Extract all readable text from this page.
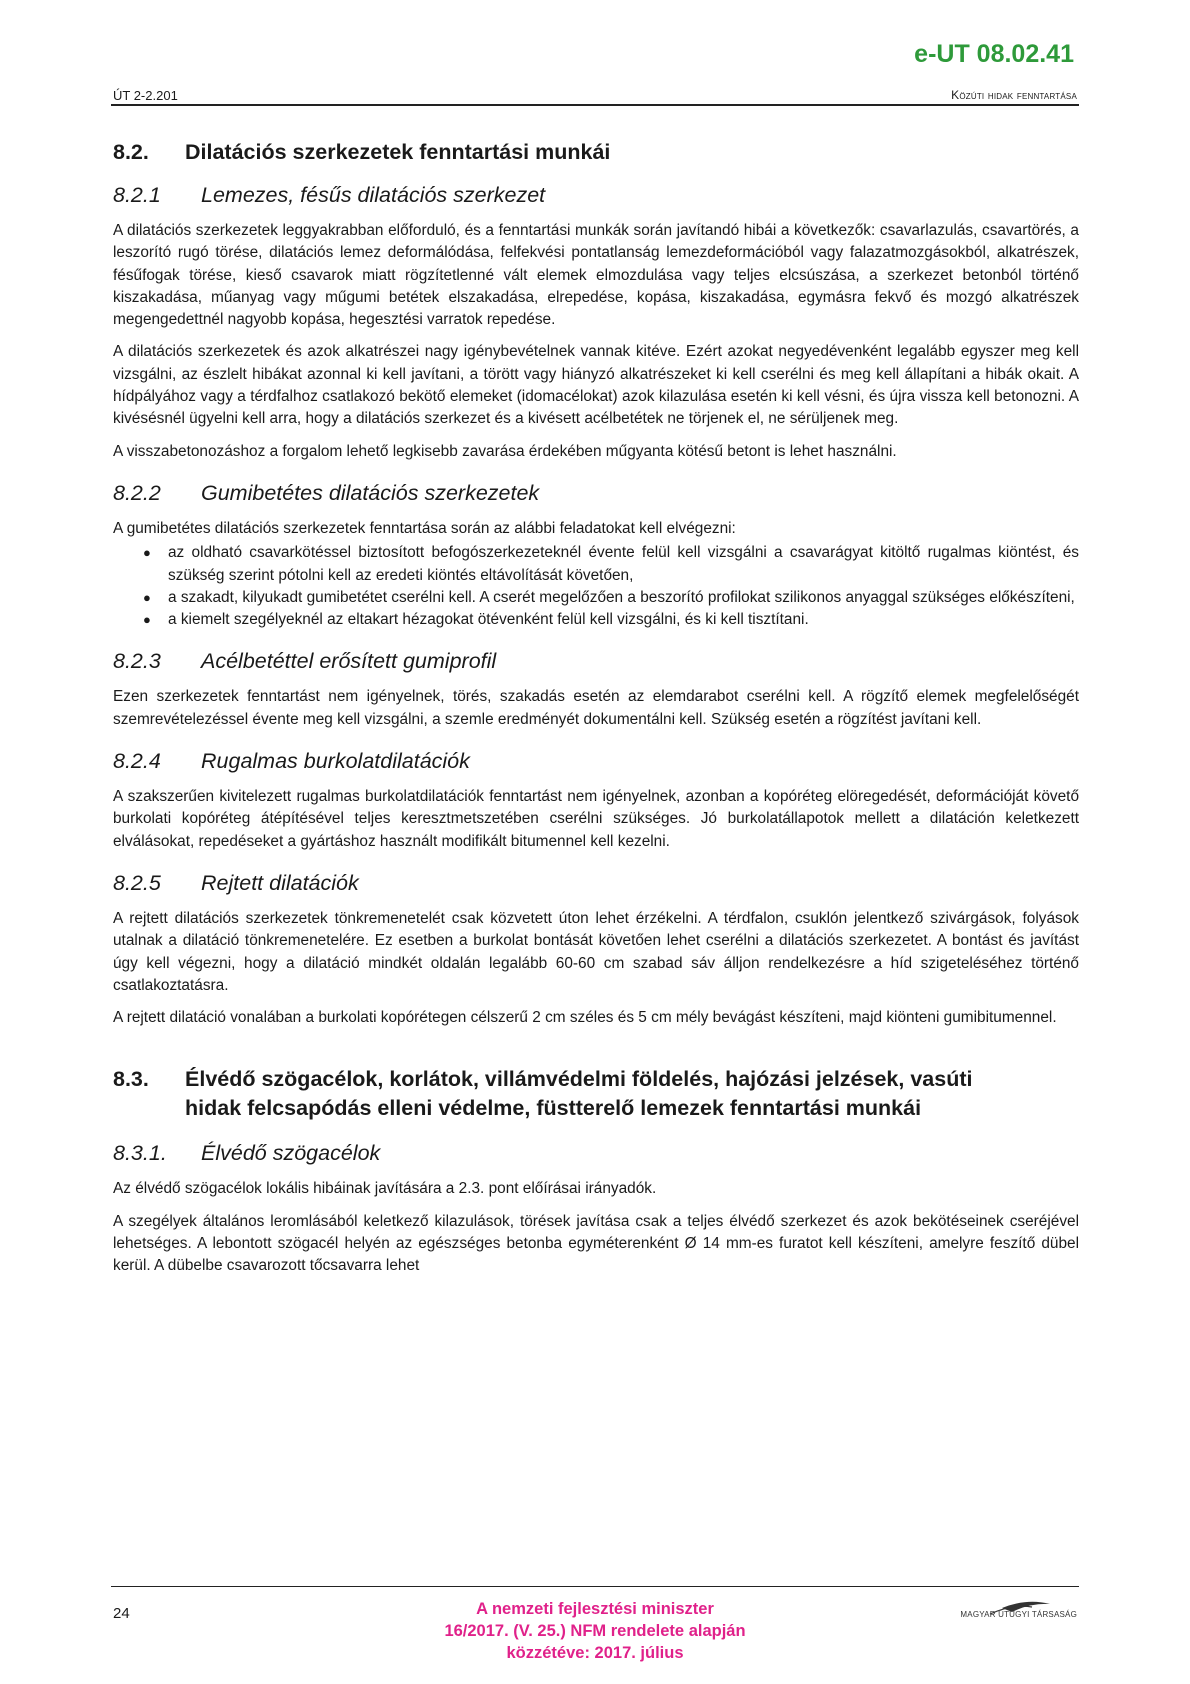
e-UT 08.02.41
ÚT 2-2.201	Közúti hidak fenntartása
8.2.	Dilatációs szerkezetek fenntartási munkái
8.2.1	Lemezes, fésűs dilatációs szerkezet

A dilatációs szerkezetek leggyakrabban előforduló, és a fenntartási munkák során javítandó hibái a következők: csavarlazulás, csavartörés, a leszorító rugó törése, dilatációs lemez deformálódása, felfekvési pontatlanság lemezdeformációból vagy falazatmozgásokból, alkatrészek, fésűfogak törése, kieső csavarok miatt rögzítetlenné vált elemek elmozdulása vagy teljes elcsúszása, a szerkezet betonból történő kiszakadása, műanyag vagy műgumi betétek elszakadása, elrepedése, kopása, kiszakadása, egymásra fekvő és mozgó alkatrészek megengedettnél nagyobb kopása, hegesztési varratok repedése.

A dilatációs szerkezetek és azok alkatrészei nagy igénybevételnek vannak kitéve. Ezért azokat negyedévenként legalább egyszer meg kell vizsgálni, az észlelt hibákat azonnal ki kell javítani, a törött vagy hiányzó alkatrészeket ki kell cserélni és meg kell állapítani a hibák okait. A hídpályához vagy a térdfalhoz csatlakozó bekötő elemeket (idomacélokat) azok kilazulása esetén ki kell vésni, és újra vissza kell betonozni. A kivésésnél ügyelni kell arra, hogy a dilatációs szerkezet és a kivésett acélbetétek ne törjenek el, ne sérüljenek meg.

A visszabetonozáshoz a forgalom lehető legkisebb zavarása érdekében műgyanta kötésű betont is lehet használni.

8.2.2	Gumibetétes dilatációs szerkezetek

A gumibetétes dilatációs szerkezetek fenntartása során az alábbi feladatokat kell elvégezni:

●	az oldható csavarkötéssel biztosított befogószerkezeteknél évente felül kell vizsgálni a csavarágyat kitöltő rugalmas kiöntést, és szükség szerint pótolni kell az eredeti kiöntés eltávolítását követően,
●	a szakadt, kilyukadt gumibetétet cserélni kell. A cserét megelőzően a beszorító profilokat szilikonos anyaggal szükséges előkészíteni,
●	a kiemelt szegélyeknél az eltakart hézagokat ötévenként felül kell vizsgálni, és ki kell tisztítani.
8.2.3	Acélbetéttel erősített gumiprofil

Ezen szerkezetek fenntartást nem igényelnek, törés, szakadás esetén az elemdarabot cserélni kell. A rögzítő elemek megfelelőségét szemrevételezéssel évente meg kell vizsgálni, a szemle eredményét dokumentálni kell. Szükség esetén a rögzítést javítani kell.

8.2.4	Rugalmas burkolatdilatációk

A szakszerűen kivitelezett rugalmas burkolatdilatációk fenntartást nem igényelnek, azonban a kopóréteg elöregedését, deformációját követő burkolati kopóréteg átépítésével teljes keresztmetszetében cserélni szükséges. Jó burkolatállapotok mellett a dilatáción keletkezett elválásokat, repedéseket a gyártáshoz használt modifikált bitumennel kell kezelni.

8.2.5	Rejtett dilatációk

A rejtett dilatációs szerkezetek tönkremenetelét csak közvetett úton lehet érzékelni. A térdfalon, csuklón jelentkező szivárgások, folyások utalnak a dilatáció tönkremenetelére. Ez esetben a burkolat bontását követően lehet cserélni a dilatációs szerkezetet. A bontást és javítást úgy kell végezni, hogy a dilatáció mindkét oldalán legalább 60-60 cm szabad sáv álljon rendelkezésre a híd szigeteléséhez történő csatlakoztatásra.

A rejtett dilatáció vonalában a burkolati kopórétegen célszerű 2 cm széles és 5 cm mély bevágást készíteni, majd kiönteni gumibitumennel.

8.3.	Élvédő szögacélok, korlátok, villámvédelmi földelés, hajózási jelzések, vasúti
hidak felcsapódás elleni védelme, füstterelő lemezek fenntartási munkái
8.3.1.	Élvédő szögacélok

Az élvédő szögacélok lokális hibáinak javítására a 2.3. pont előírásai irányadók.

A szegélyek általános leromlásából keletkező kilazulások, törések javítása csak a teljes élvédő szerkezet és azok bekötéseinek cseréjével lehetséges. A lebontott szögacél helyén az egészséges betonba egyméterenként Ø 14 mm-es furatot kell készíteni, amelyre feszítő dübel kerül. A dübelbe csavarozott tőcsavarra lehet

24	A nemzeti fejlesztési miniszter
16/2017. (V. 25.) NFM rendelete alapján
közzétéve: 2017. július
MAGYAR ÚTÜGYI TÁRSASÁG
